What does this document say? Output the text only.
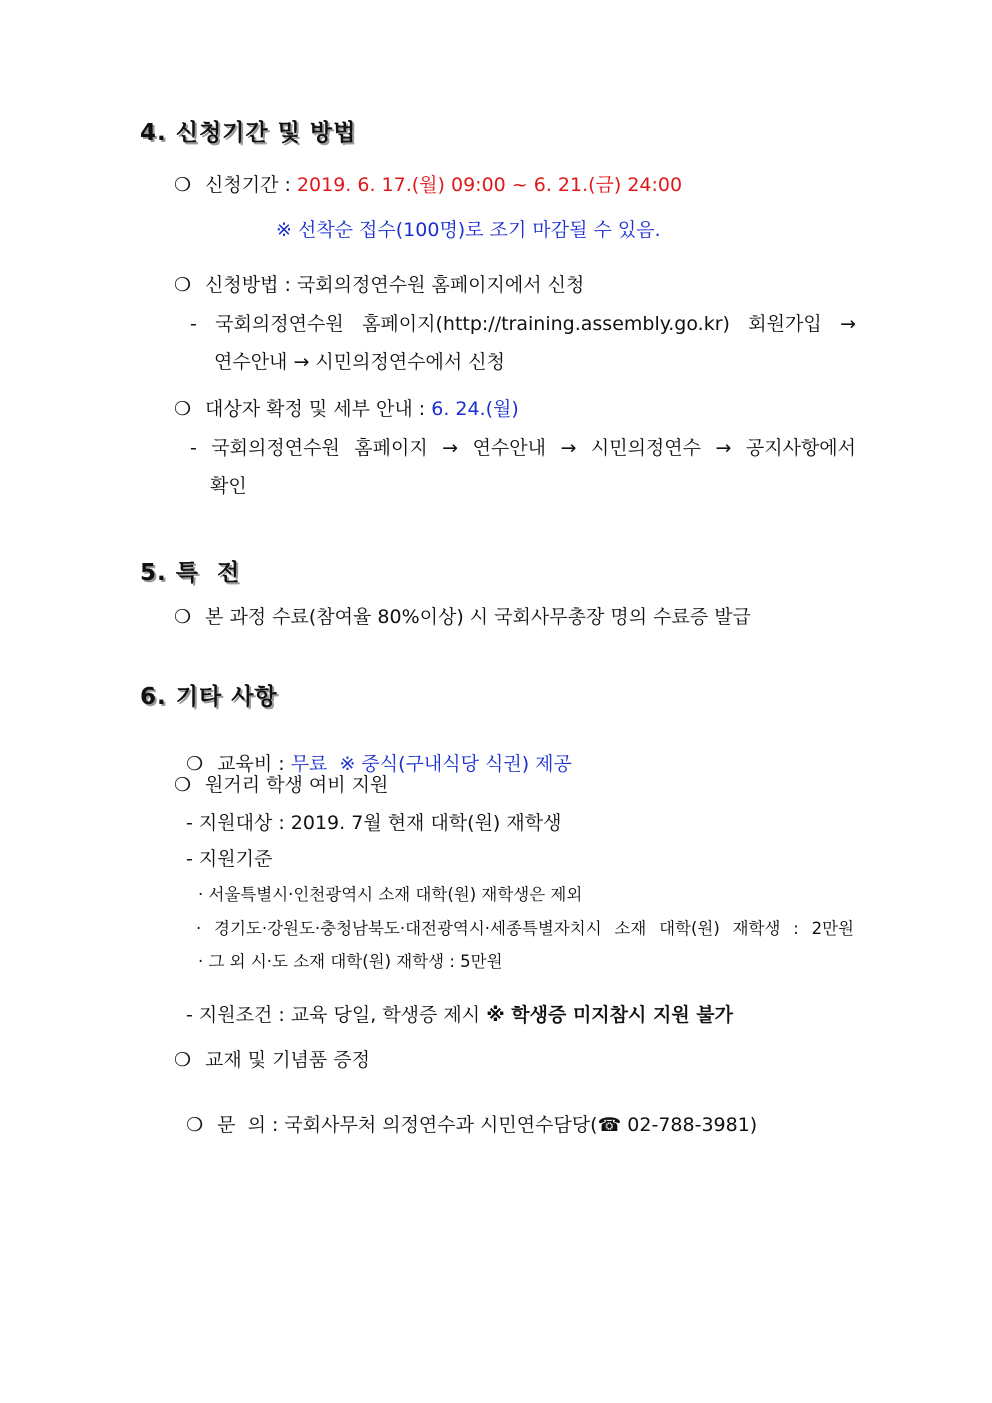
4. 신청기간 및 방법
❍ 신청기간 : 2019. 6. 17.(월) 09:00 ~ 6. 21.(금) 24:00
※ 선착순 접수(100명)로 조기 마감될 수 있음.
❍ 신청방법 : 국회의정연수원 홈페이지에서 신청
- 국회의정연수원 홈페이지(http://training.assembly.go.kr) 회원가입 →
연수안내 → 시민의정연수에서 신청
❍ 대상자 확정 및 세부 안내 : 6. 24.(월)
- 국회의정연수원 홈페이지 → 연수안내 → 시민의정연수 → 공지사항에서
확인
5. 특  전
❍ 본 과정 수료(참여율 80%이상) 시 국회사무총장 명의 수료증 발급
6. 기타 사항

❍ 교육비 : 무료  ※ 중식(구내식당 식권) 제공

❍ 원거리 학생 여비 지원
- 지원대상 : 2019. 7월 현재 대학(원) 재학생
- 지원기준
· 서울특별시·인천광역시 소재 대학(원) 재학생은 제외
· 경기도·강원도·충청남북도·대전광역시·세종특별자치시 소재 대학(원) 재학생 : 2만원
· 그 외 시·도 소재 대학(원) 재학생 : 5만원
- 지원조건 : 교육 당일, 학생증 제시 ※ 학생증 미지참시 지원 불가
❍ 교재 및 기념품 증정

❍ 문  의 : 국회사무처 의정연수과 시민연수담당(☎ 02-788-3981)
